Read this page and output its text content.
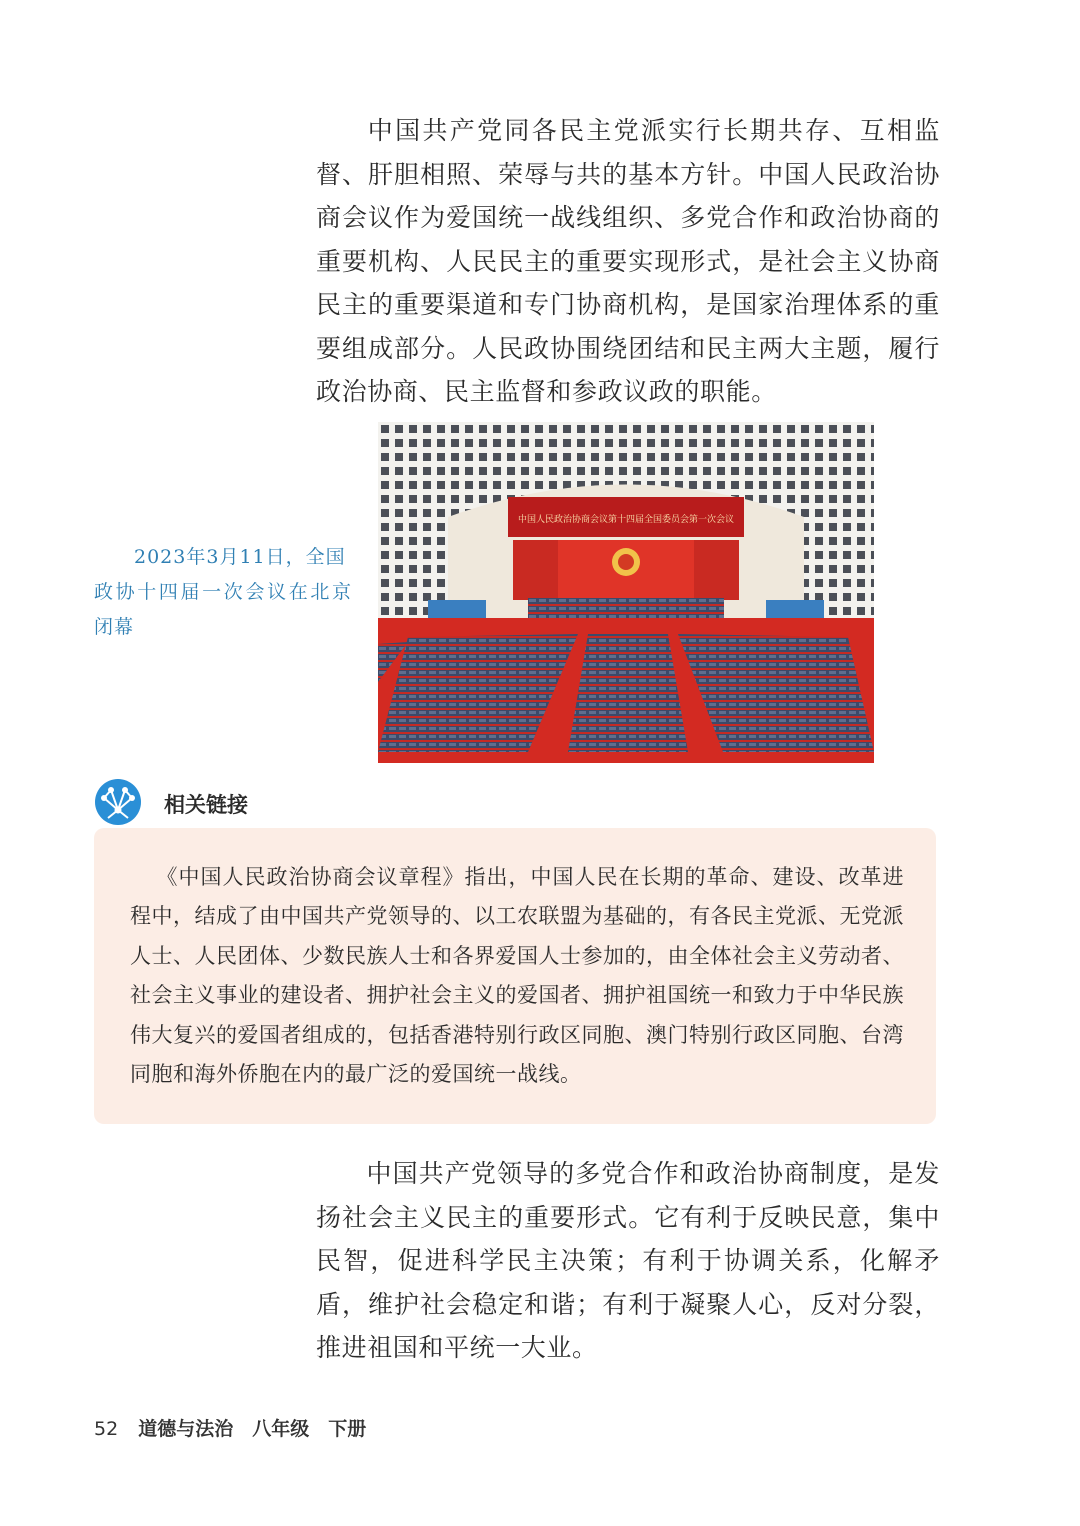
中国共产党同各民主党派实行长期共存、互相监督、肝胆相照、荣辱与共的基本方针。中国人民政治协商会议作为爱国统一战线组织、多党合作和政治协商的重要机构、人民民主的重要实现形式，是社会主义协商民主的重要渠道和专门协商机构，是国家治理体系的重要组成部分。人民政协围绕团结和民主两大主题，履行政治协商、民主监督和参政议政的职能。

2023年3月11日，全国
政协十四届一次会议在北京闭幕
中国人民政治协商会议第十四届全国委员会第一次会议
相关链接

《中国人民政治协商会议章程》指出，中国人民在长期的革命、建设、改革进程中，结成了由中国共产党领导的、以工农联盟为基础的，有各民主党派、无党派人士、人民团体、少数民族人士和各界爱国人士参加的，由全体社会主义劳动者、社会主义事业的建设者、拥护社会主义的爱国者、拥护祖国统一和致力于中华民族伟大复兴的爱国者组成的，包括香港特别行政区同胞、澳门特别行政区同胞、台湾同胞和海外侨胞在内的最广泛的爱国统一战线。

中国共产党领导的多党合作和政治协商制度，是发扬社会主义民主的重要形式。它有利于反映民意，集中民智，促进科学民主决策；有利于协调关系，化解矛盾，维护社会稳定和谐；有利于凝聚人心，反对分裂，推进祖国和平统一大业。

52 道德与法治　八年级　下册
